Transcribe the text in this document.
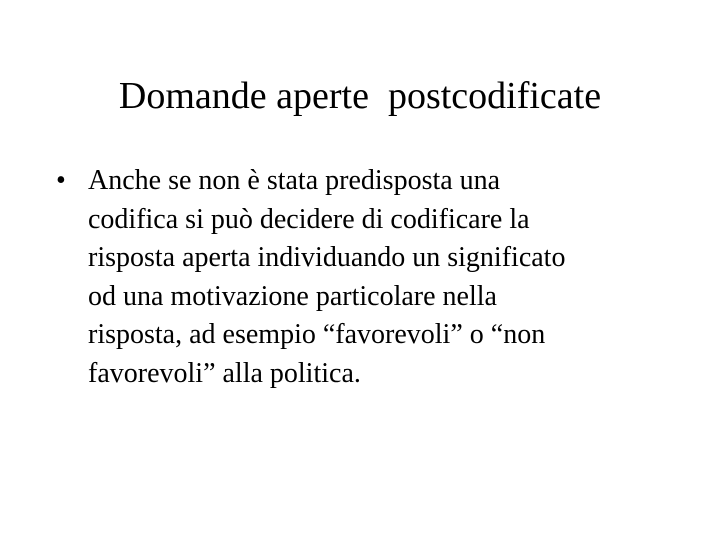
Domande aperte  postcodificate
• Anche se non è stata predisposta una
codifica si può decidere di codificare la
risposta aperta individuando un significato
od una motivazione particolare nella
risposta, ad esempio “favorevoli” o “non
favorevoli” alla politica.
